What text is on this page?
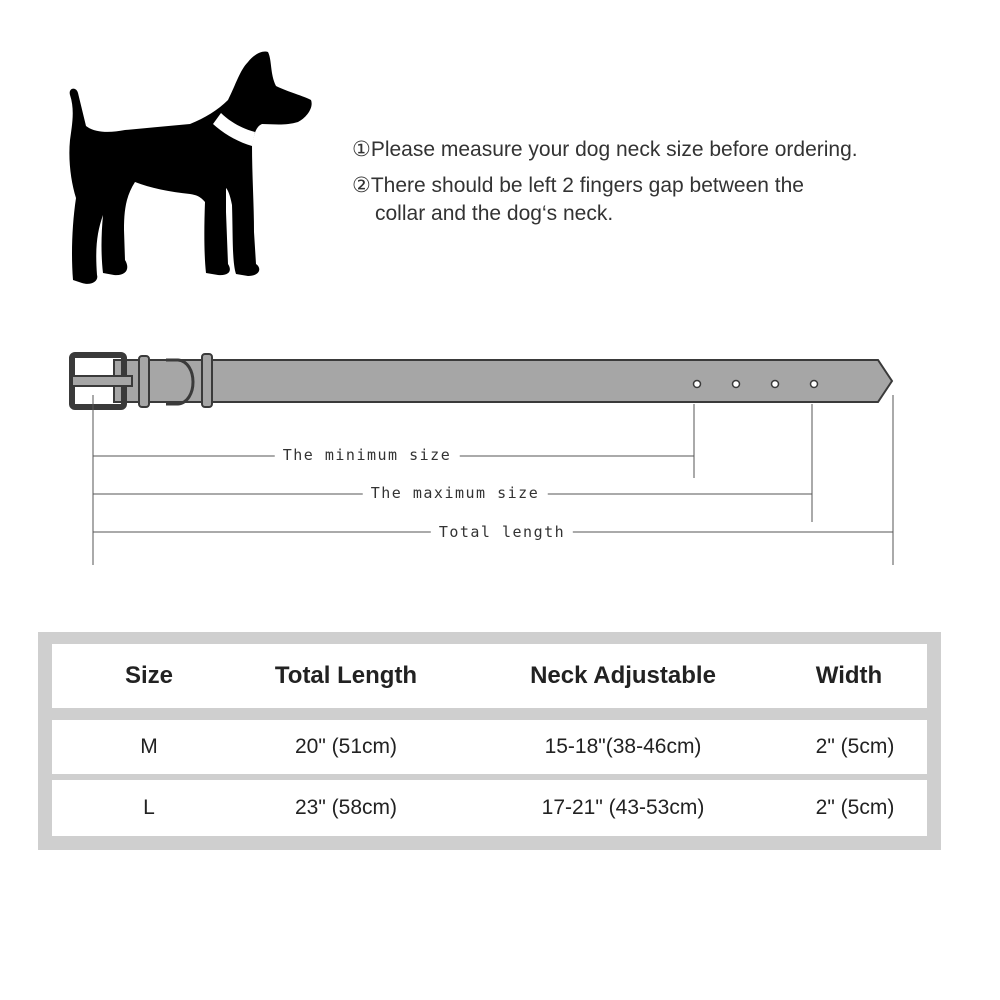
①Please measure your dog neck size before ordering.
②There should be left 2 fingers gap between the
collar and the dog‘s neck.
The minimum size
The maximum size
Total length
Size	Total Length	Neck Adjustable	Width
M	20" (51cm)	15-18"(38-46cm)	2" (5cm)
L	23" (58cm)	17-21" (43-53cm)	2" (5cm)
